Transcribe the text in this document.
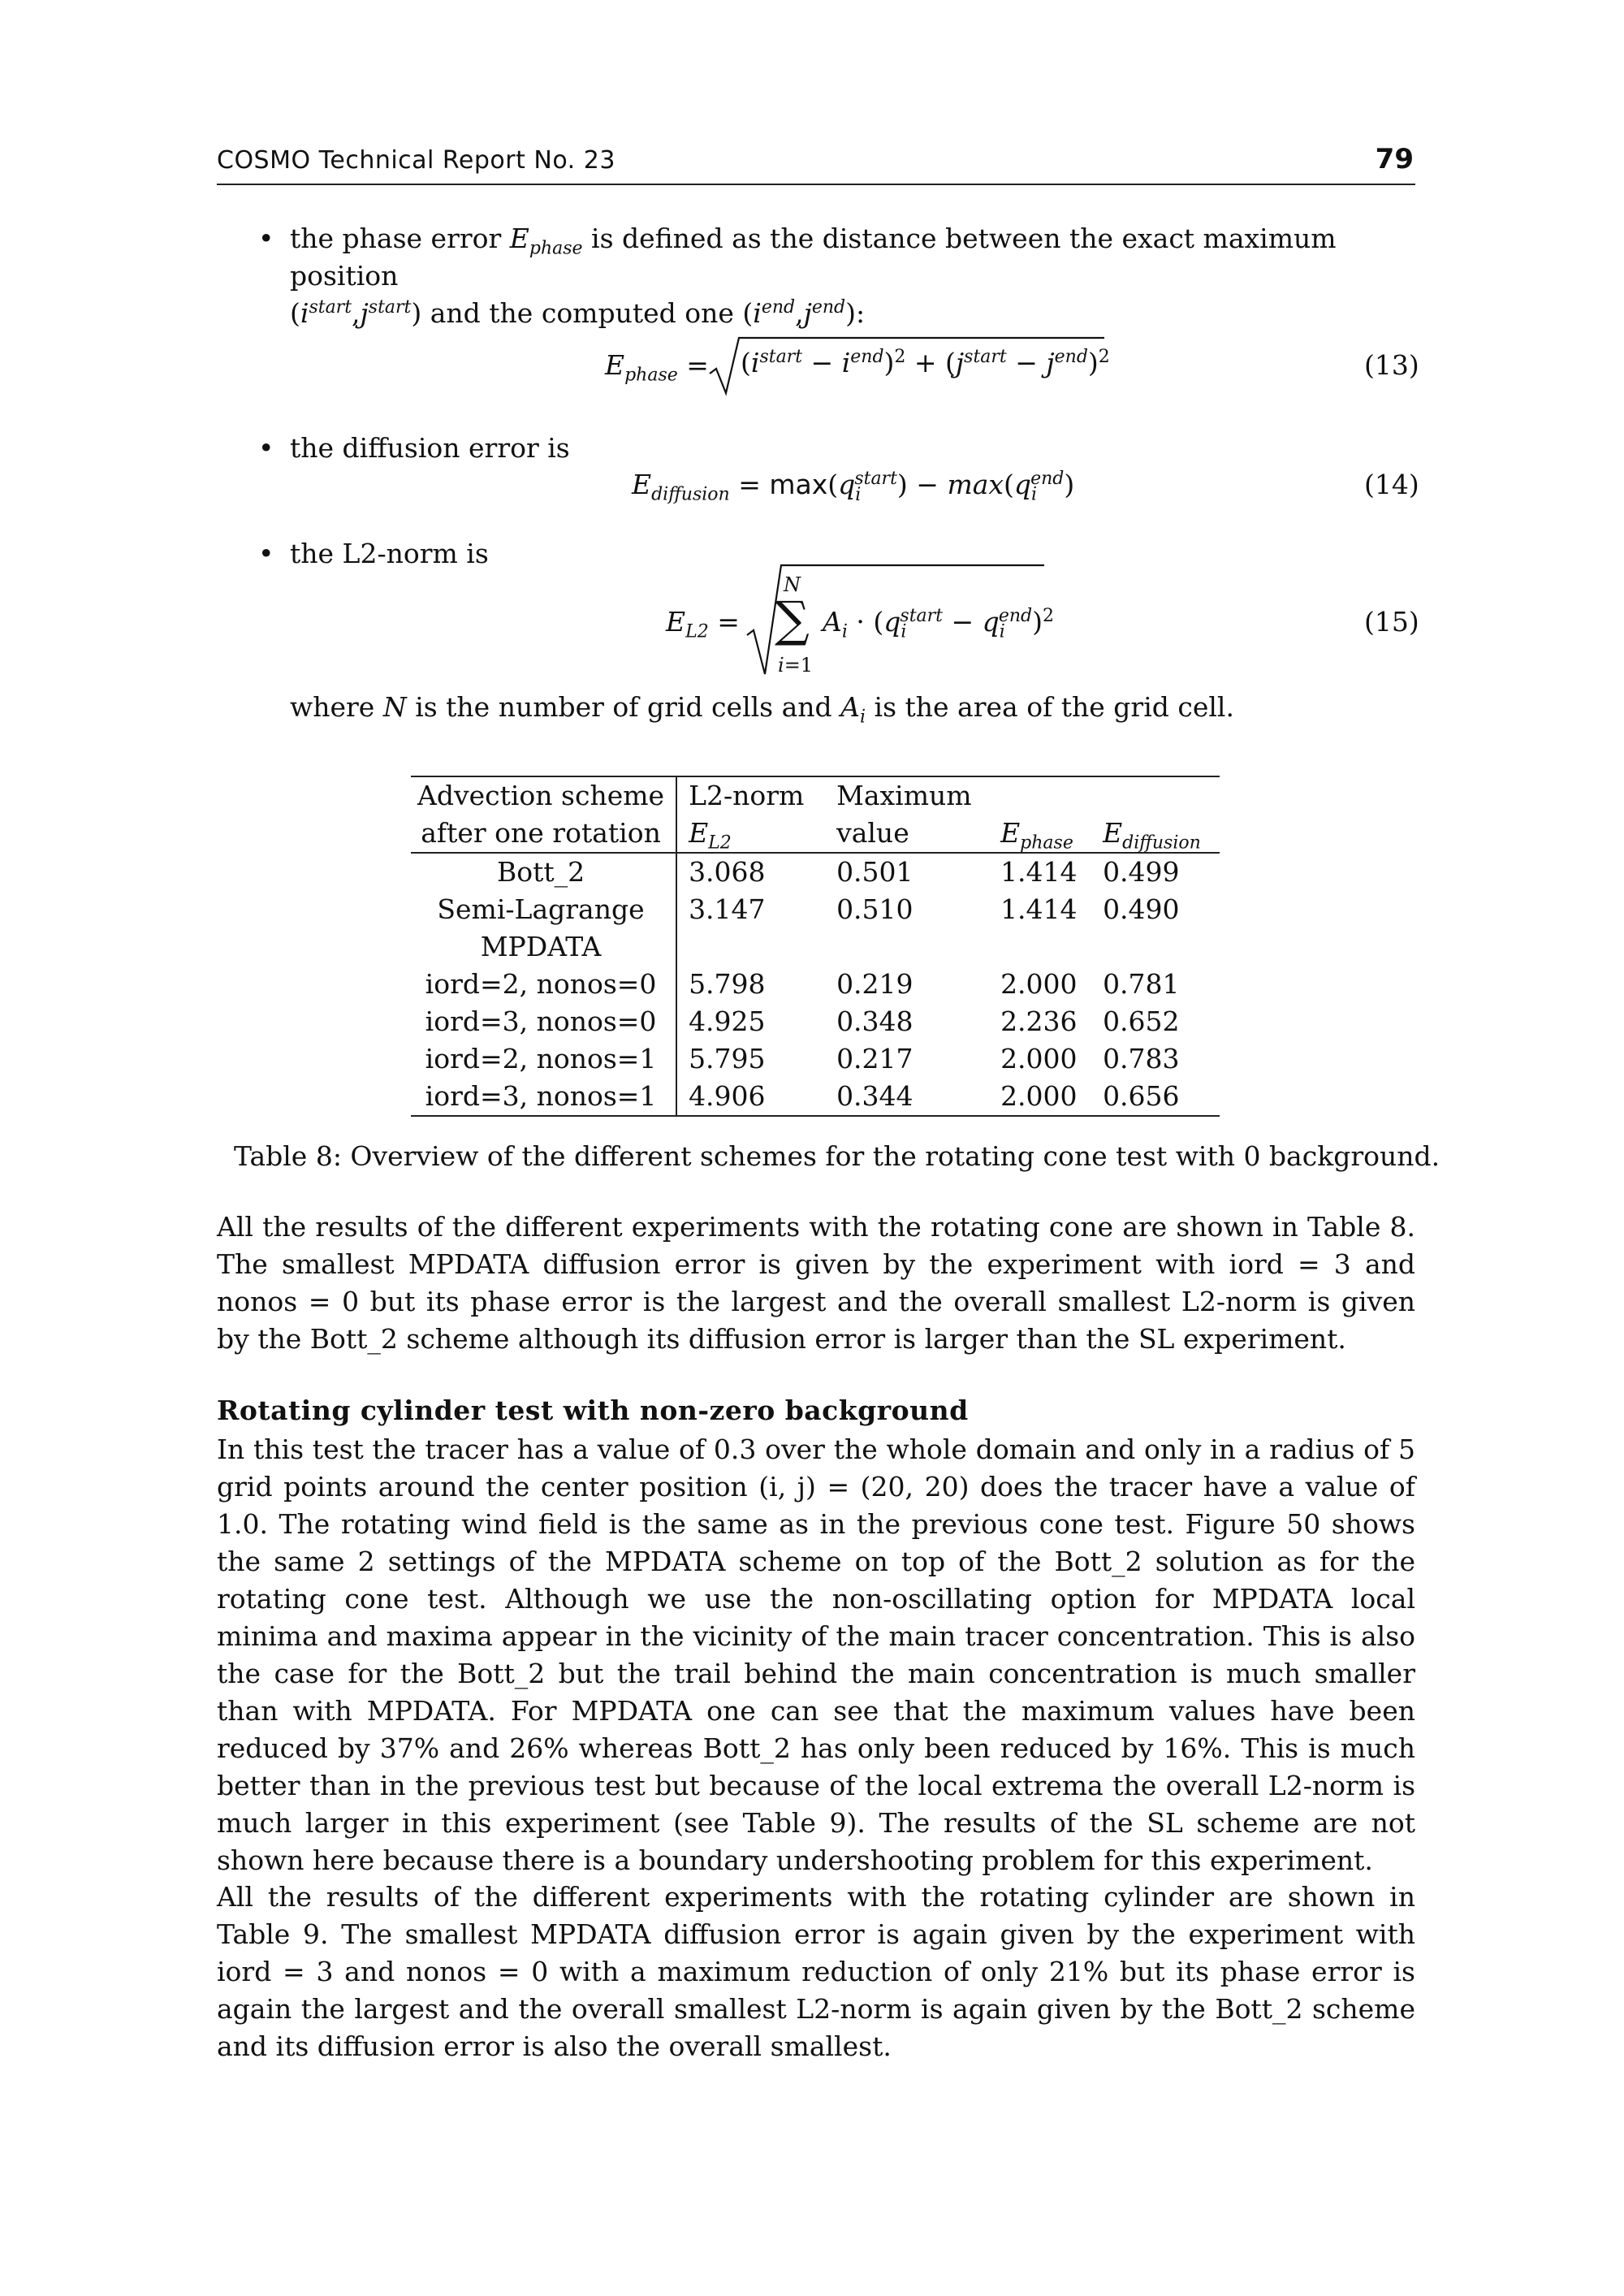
COSMO Technical Report No. 23	79
• the phase error $E_{phase}$ is defined as the distance between the exact maximum position
$(i^{start},j^{start})$ and the computed one $(i^{end},j^{end})$:
$E_{phase} = (i^{start} - i^{end})^2 + (j^{start} - j^{end})^2$	(13)
• the diffusion error is
$E_{diffusion} = \max(q_i^{start}) - \max(q_i^{end})$	(14)
• the L2-norm is
$E_{L2}$ =
N
∑
i=1
$A_i \cdot (q_i^{start} - q_i^{end})^2$	(15)
where N is the number of grid cells and $A_i$ is the area of the grid cell.
Advection scheme	L2-norm	Maximum		
after one rotation	$E_{L2}$	value	$E_{phase}$	$E_{diffusion}$
Bott_2	3.068	0.501	1.414	0.499
Semi-Lagrange	3.147	0.510	1.414	0.490
MPDATA				
iord=2, nonos=0	5.798	0.219	2.000	0.781
iord=3, nonos=0	4.925	0.348	2.236	0.652
iord=2, nonos=1	5.795	0.217	2.000	0.783
iord=3, nonos=1	4.906	0.344	2.000	0.656
Table 8: Overview of the different schemes for the rotating cone test with 0 background.
All the results of the different experiments with the rotating cone are shown in Table 8. The smallest MPDATA diffusion error is given by the experiment with iord = 3 and nonos = 0 but its phase error is the largest and the overall smallest L2-norm is given by the Bott_2 scheme although its diffusion error is larger than the SL experiment.
Rotating cylinder test with non-zero background
In this test the tracer has a value of 0.3 over the whole domain and only in a radius of 5 grid points around the center position (i, j) = (20, 20) does the tracer have a value of 1.0. The rotating wind field is the same as in the previous cone test. Figure 50 shows the same 2 settings of the MPDATA scheme on top of the Bott_2 solution as for the rotating cone test. Although we use the non-oscillating option for MPDATA local minima and maxima appear in the vicinity of the main tracer concentration. This is also the case for the Bott_2 but the trail behind the main concentration is much smaller than with MPDATA. For MPDATA one can see that the maximum values have been reduced by 37% and 26% whereas Bott_2 has only been reduced by 16%. This is much better than in the previous test but because of the local extrema the overall L2-norm is much larger in this experiment (see Table 9). The results of the SL scheme are not shown here because there is a boundary undershooting problem for this experiment.
All the results of the different experiments with the rotating cylinder are shown in Table 9. The smallest MPDATA diffusion error is again given by the experiment with iord = 3 and nonos = 0 with a maximum reduction of only 21% but its phase error is again the largest and the overall smallest L2-norm is again given by the Bott_2 scheme and its diffusion error is also the overall smallest.
